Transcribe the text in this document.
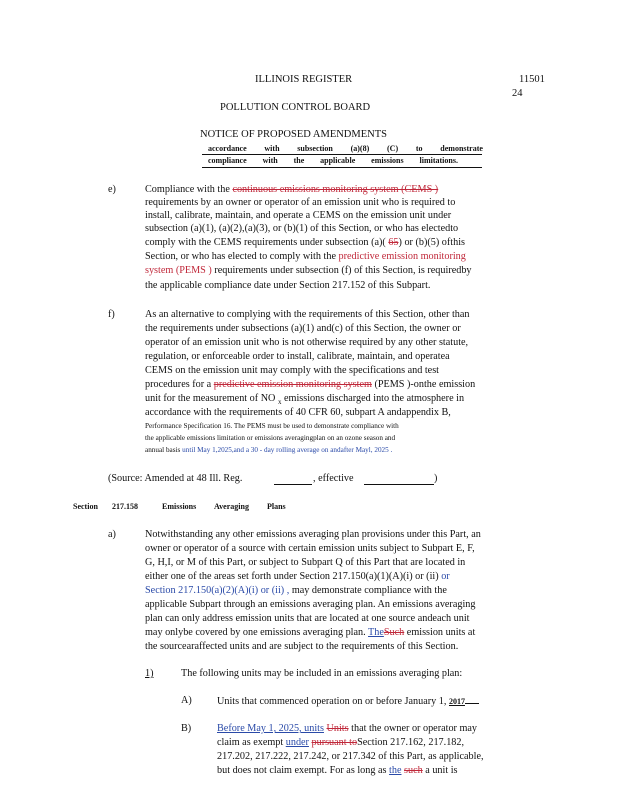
ILLINOIS REGISTER	11501
24
POLLUTION CONTROL BOARD
NOTICE OF PROPOSED AMENDMENTS
accordance with subsection (a)(8) (C) to demonstrate
compliance with the applicable emissions limitations.
e)	Compliance with the continuous emissions monitoring system (CEMS )
requirements by an owner or operator of an emission unit who is required to
install, calibrate, maintain, and operate a CEMS on the emission unit under
subsection (a)(1), (a)(2),(a)(3), or (b)(1) of this Section, or who has electedto
comply with the CEMS requirements under subsection (a)( 65) or (b)(5) ofthis
Section, or who has elected to comply with the predictive emission monitoring
system (PEMS ) requirements under subsection (f) of this Section, is requiredby
the applicable compliance date under Section 217.152 of this Subpart.
f)	As an alternative to complying with the requirements of this Section, other than
the requirements under subsections (a)(1) and(c) of this Section, the owner or
operator of an emission unit who is not otherwise required by any other statute,
regulation, or enforceable order to install, calibrate, maintain, and operatea
CEMS on the emission unit may comply with the specifications and test
procedures for a predictive emission monitoring system (PEMS )-onthe emission
unit for the measurement of NO $_x$ emissions discharged into the atmosphere in
accordance with the requirements of 40 CFR 60, subpart A andappendix B,
Performance Specification 16. The PEMS must be used to demonstrate compliance with
the applicable emissions limitation or emissions averagingplan on an ozone season and
annual basis until May 1,2025,and a 30 - day rolling average on andafter Mayl, 2025 .
(Source: Amended at 48 Ill. Reg.	, effective	)
Section 217.158	Emissions Averaging Plans
a)	Notwithstanding any other emissions averaging plan provisions under this Part, an
owner or operator of a source with certain emission units subject to Subpart E, F,
G, H,I, or M of this Part, or subject to Subpart Q of this Part that are located in
either one of the areas set forth under Section 217.150(a)(1)(A)(i) or (ii) or
Section 217.150(a)(2)(A)(i) or (ii) , may demonstrate compliance with the
applicable Subpart through an emissions averaging plan. An emissions averaging
plan can only address emission units that are located at one source andeach unit
may onlybe covered by one emissions averaging plan. TheSuch emission units at
the sourcearaffected units and are subject to the requirements of this Section.
1)	The following units may be included in an emissions averaging plan:
A) Units that commenced operation on or before January 1, 2017
B)	Before May 1, 2025, units Units that the owner or operator may
claim as exempt under pursuant toSection 217.162, 217.182,
217.202, 217.222, 217.242, or 217.342 of this Part, as applicable,
but does not claim exempt. For as long as the such a unit is
